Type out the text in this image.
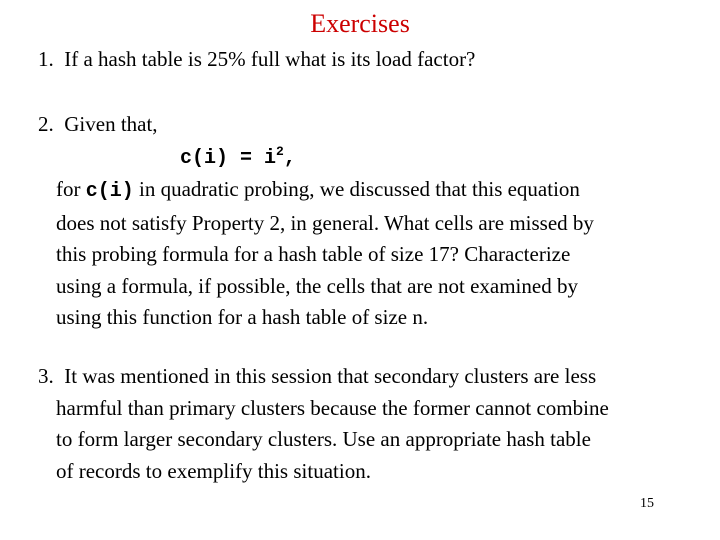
Exercises
1. If a hash table is 25% full what is its load factor?
2. Given that,
$c(i) = i^2$,
for c(i) in quadratic probing, we discussed that this equation
does not satisfy Property 2, in general. What cells are missed by
this probing formula for a hash table of size 17? Characterize
using a formula, if possible, the cells that are not examined by
using this function for a hash table of size n.
3. It was mentioned in this session that secondary clusters are less
harmful than primary clusters because the former cannot combine
to form larger secondary clusters. Use an appropriate hash table
of records to exemplify this situation.
15
